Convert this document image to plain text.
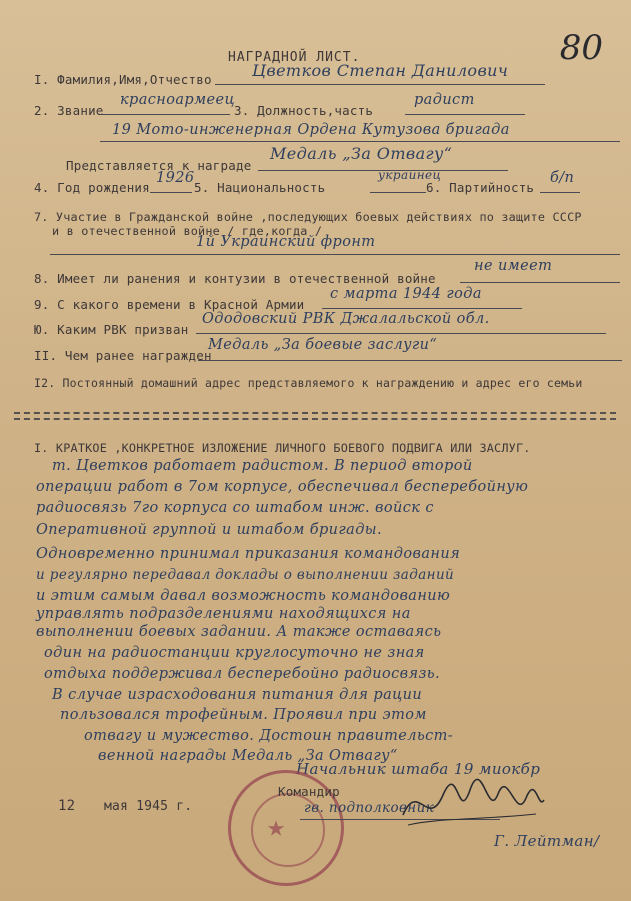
НАГРАДНОЙ ЛИСТ.	80
I. Фамилия,Имя,Отчество	Цветков Степан Данилович
2. Звание
красноармеец
3. Должность,часть
радист
19 Мото-инженерная Ордена Кутузова бригада
Представляется к награде
Медаль „За Отвагу“
4. Год рождения
1926
5. Национальность
украинец
6. Партийность
б/п
7. Участие в Гражданской войне ,последующих боевых действиях по защите СССР
и в отечественной войне / где,когда /
1й Украинский фронт
8. Имеет ли ранения и контузии в отечественной войне
не имеет
9. С какого времени в Красной Армии
с марта 1944 года
Ю. Каким РВК призван
Ододовский РВК Джалальской обл.
II. Чем ранее награжден
Медаль „За боевые заслуги“
I2. Постоянный домашний адрес представляемого к награждению и адрес его семьи
I. КРАТКОЕ ,КОНКРЕТНОЕ ИЗЛОЖЕНИЕ ЛИЧНОГО БОЕВОГО ПОДВИГА ИЛИ ЗАСЛУГ.
т. Цветков работает радистом. В период второй
операции работ в 7ом корпусе, обеспечивал бесперебойную
радиосвязь 7го корпуса со штабом инж. войск с
Оперативной группой и штабом бригады.
Одновременно принимал приказания командования
и регулярно передавал доклады о выполнении заданий
и этим самым давал возможность командованию
управлять подразделениями находящихся на
выполнении боевых задании. А также оставаясь
один на радиостанции круглосуточно не зная
отдыха поддерживал бесперебойно радиосвязь.
В случае израсходования питания для рации
пользовался трофейным. Проявил при этом
отвагу и мужество. Достоин правительст-
венной награды Медаль „За Отвагу“
Начальник штаба 19 миокбр
★
12 мая 1945 г.
Командир
гв. подполковник
Г. Лейтман/
